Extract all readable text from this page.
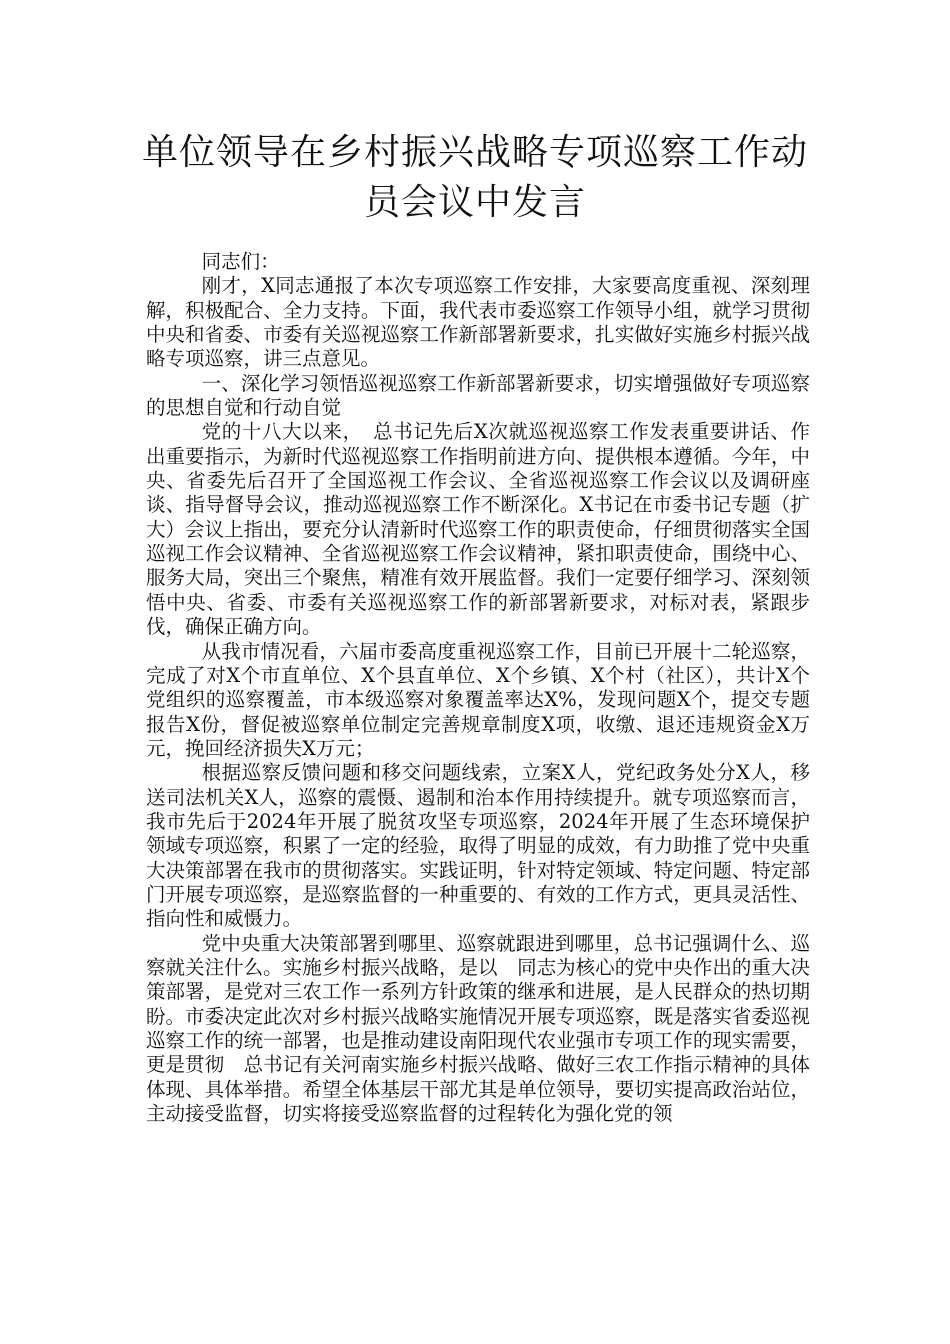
单位领导在乡村振兴战略专项巡察工作动
员会议中发言

同志们：

刚才，X同志通报了本次专项巡察工作安排，大家要高度重视、深刻理解，积极配合、全力支持。下面，我代表市委巡察工作领导小组，就学习贯彻中央和省委、市委有关巡视巡察工作新部署新要求，扎实做好实施乡村振兴战略专项巡察，讲三点意见。

一、深化学习领悟巡视巡察工作新部署新要求，切实增强做好专项巡察的思想自觉和行动自觉

党的十八大以来，　总书记先后X次就巡视巡察工作发表重要讲话、作出重要指示，为新时代巡视巡察工作指明前进方向、提供根本遵循。今年，中央、省委先后召开了全国巡视工作会议、全省巡视巡察工作会议以及调研座谈、指导督导会议，推动巡视巡察工作不断深化。X书记在市委书记专题（扩大）会议上指出，要充分认清新时代巡察工作的职责使命，仔细贯彻落实全国巡视工作会议精神、全省巡视巡察工作会议精神，紧扣职责使命，围绕中心、服务大局，突出三个聚焦，精准有效开展监督。我们一定要仔细学习、深刻领悟中央、省委、市委有关巡视巡察工作的新部署新要求，对标对表，紧跟步伐，确保正确方向。

从我市情况看，六届市委高度重视巡察工作，目前已开展十二轮巡察，完成了对X个市直单位、X个县直单位、X个乡镇、X个村（社区），共计X个党组织的巡察覆盖，市本级巡察对象覆盖率达X%，发现问题X个，提交专题报告X份，督促被巡察单位制定完善规章制度X项，收缴、退还违规资金X万元，挽回经济损失X万元；

根据巡察反馈问题和移交问题线索，立案X人，党纪政务处分X人，移送司法机关X人，巡察的震慑、遏制和治本作用持续提升。就专项巡察而言，我市先后于2024年开展了脱贫攻坚专项巡察，2024年开展了生态环境保护领域专项巡察，积累了一定的经验，取得了明显的成效，有力助推了党中央重大决策部署在我市的贯彻落实。实践证明，针对特定领域、特定问题、特定部门开展专项巡察，是巡察监督的一种重要的、有效的工作方式，更具灵活性、指向性和威慑力。

党中央重大决策部署到哪里、巡察就跟进到哪里，总书记强调什么、巡察就关注什么。实施乡村振兴战略，是以　同志为核心的党中央作出的重大决策部署，是党对三农工作一系列方针政策的继承和进展，是人民群众的热切期盼。市委决定此次对乡村振兴战略实施情况开展专项巡察，既是落实省委巡视巡察工作的统一部署，也是推动建设南阳现代农业强市专项工作的现实需要，更是贯彻　总书记有关河南实施乡村振兴战略、做好三农工作指示精神的具体体现、具体举措。希望全体基层干部尤其是单位领导，要切实提高政治站位，主动接受监督，切实将接受巡察监督的过程转化为强化党的领
